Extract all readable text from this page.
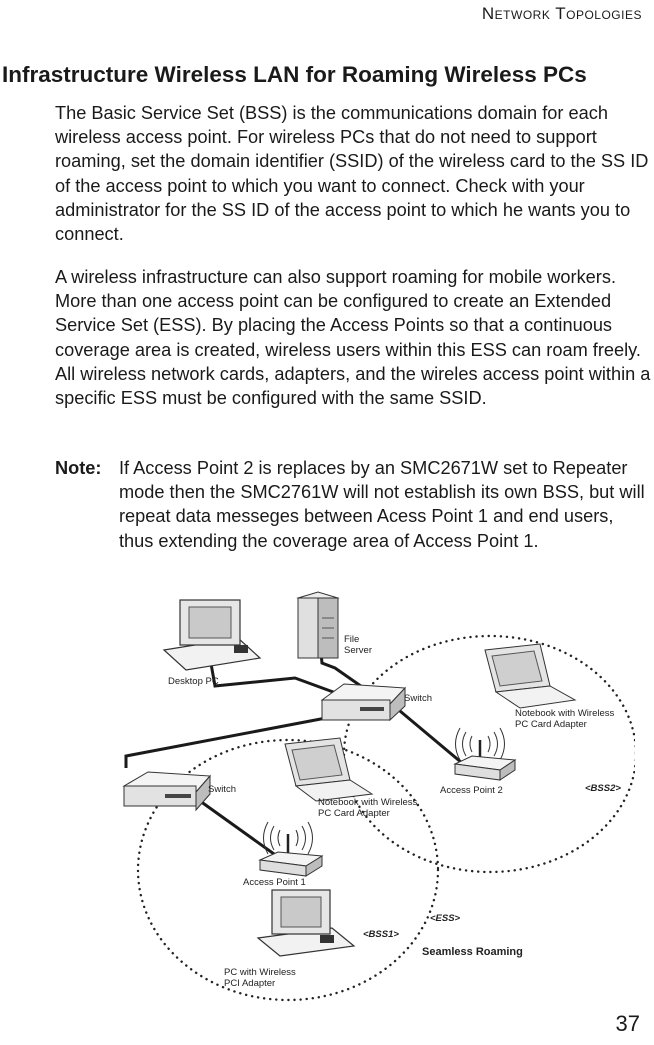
Network Topologies
Infrastructure Wireless LAN for Roaming Wireless PCs

The Basic Service Set (BSS) is the communications domain for each wireless access point. For wireless PCs that do not need to support roaming, set the domain identifier (SSID) of the wireless card to the SS ID of the access point to which you want to connect. Check with your administrator for the SS ID of the access point to which he wants you to connect.

A wireless infrastructure can also support roaming for mobile workers. More than one access point can be configured to create an Extended Service Set (ESS). By placing the Access Points so that a continuous coverage area is created, wireless users within this ESS can roam freely. All wireless network cards, adapters, and the wireles access point within a specific ESS must be configured with the same SSID.

Note: If Access Point 2 is replaces by an SMC2671W set to Repeater mode then the SMC2761W will not establish its own BSS, but will repeat data messeges between Acess Point 1 and end users, thus extending the coverage area of Access Point 1.
Desktop PC
File Server
Switch
Switch
Notebook with Wireless PC Card Adapter
Notebook with Wireless PC Card Adapter
Access Point 2	<BSS2>
Access Point 1
PC with Wireless PCI Adapter
<BSS1>
<ESS>
Seamless Roaming
37
